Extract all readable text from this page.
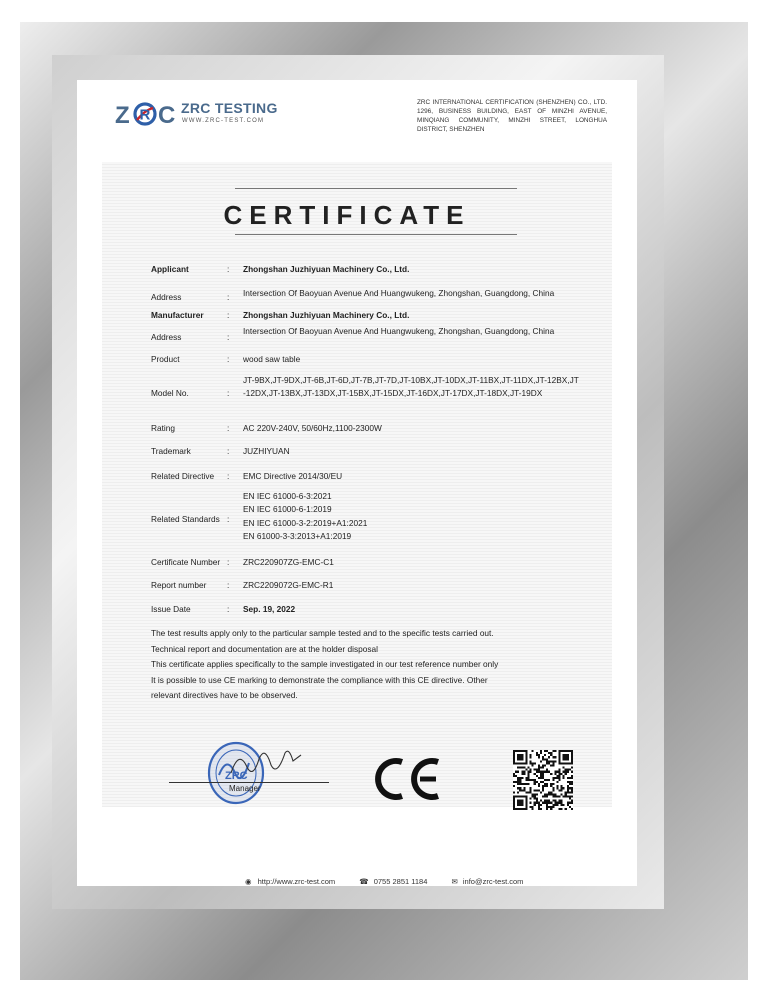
Z R C ZRC TESTING
WWW.ZRC-TEST.COM
ZRC INTERNATIONAL CERTIFICATION (SHENZHEN) CO., LTD. 1296, BUSINESS BUILDING, EAST OF MINZHI AVENUE, MINQIANG COMMUNITY, MINZHI STREET, LONGHUA DISTRICT, SHENZHEN
CERTIFICATE
Applicant	: Zhongshan Juzhiyuan Machinery Co., Ltd.
Address	: Intersection Of Baoyuan Avenue And Huangwukeng, Zhongshan, Guangdong, China
Manufacturer	: Zhongshan Juzhiyuan Machinery Co., Ltd.
Address	:
Intersection Of Baoyuan Avenue And Huangwukeng, Zhongshan, Guangdong, China
Product	: wood saw table
Model No.	:
JT-9BX,JT-9DX,JT-6B,JT-6D,JT-7B,JT-7D,JT-10BX,JT-10DX,JT-11BX,JT-11DX,JT-12BX,JT-12DX,JT-13BX,JT-13DX,JT-15BX,JT-15DX,JT-16DX,JT-17DX,JT-18DX,JT-19DX
Rating	: AC 220V-240V, 50/60Hz,1100-2300W
Trademark	: JUZHIYUAN
Related Directive	: EMC Directive 2014/30/EU
Related Standards :
EN IEC 61000-6-3:2021
EN IEC 61000-6-1:2019
EN IEC 61000-3-2:2019+A1:2021
EN 61000-3-3:2013+A1:2019
Certificate Number : ZRC220907ZG-EMC-C1
Report number	: ZRC2209072G-EMC-R1
Issue Date	: Sep. 19, 2022
The test results apply only to the particular sample tested and to the specific tests carried out.
Technical report and documentation are at the holder disposal
This certificate applies specifically to the sample investigated in our test reference number only
It is possible to use CE marking to demonstrate the compliance with this CE directive. Other
relevant directives have to be observed.
ZRC
Manager
◉ http://www.zrc-test.com	☎ 0755 2851 1184	✉ info@zrc-test.com
